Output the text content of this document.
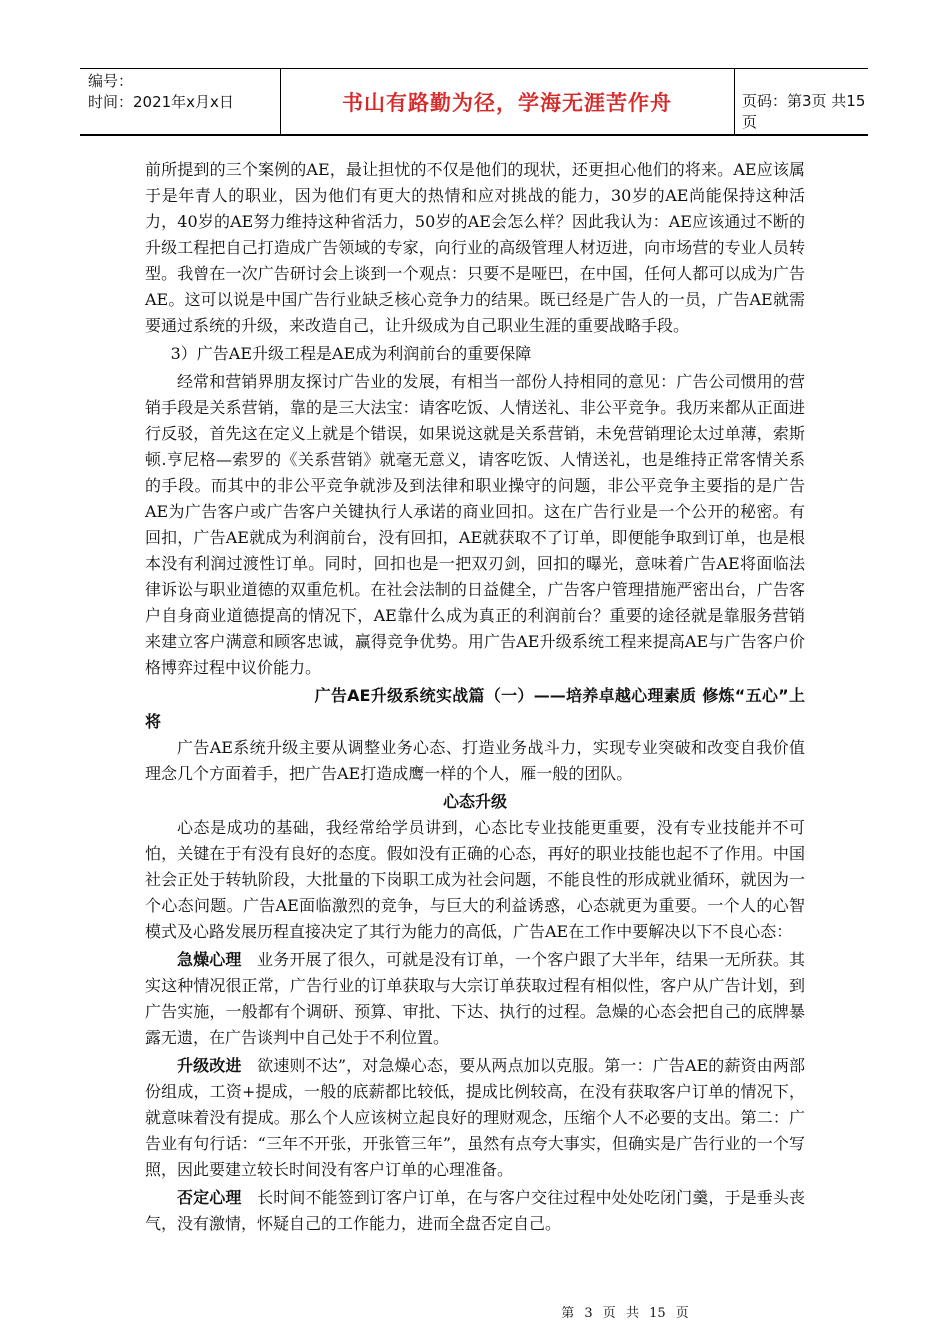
编号：
时间：2021年x月x日	书山有路勤为径，学海无涯苦作舟	页码：第3页 共15页

前所提到的三个案例的AE，最让担忧的不仅是他们的现状，还更担心他们的将来。AE应该属于是年青人的职业，因为他们有更大的热情和应对挑战的能力，30岁的AE尚能保持这种活力，40岁的AE努力维持这种省活力，50岁的AE会怎么样？因此我认为：AE应该通过不断的升级工程把自己打造成广告领域的专家，向行业的高级管理人材迈进，向市场营的专业人员转型。我曾在一次广告研讨会上谈到一个观点：只要不是哑巴，在中国，任何人都可以成为广告AE。这可以说是中国广告行业缺乏核心竞争力的结果。既已经是广告人的一员，广告AE就需要通过系统的升级，来改造自己，让升级成为自己职业生涯的重要战略手段。

3）广告AE升级工程是AE成为利润前台的重要保障

经常和营销界朋友探讨广告业的发展，有相当一部份人持相同的意见：广告公司惯用的营销手段是关系营销，靠的是三大法宝：请客吃饭、人情送礼、非公平竞争。我历来都从正面进行反驳，首先这在定义上就是个错误，如果说这就是关系营销，未免营销理论太过单薄，索斯顿.亨尼格—索罗的《关系营销》就毫无意义，请客吃饭、人情送礼，也是维持正常客情关系的手段。而其中的非公平竞争就涉及到法律和职业操守的问题，非公平竞争主要指的是广告AE为广告客户或广告客户关键执行人承诺的商业回扣。这在广告行业是一个公开的秘密。有回扣，广告AE就成为利润前台，没有回扣，AE就获取不了订单，即便能争取到订单，也是根本没有利润过渡性订单。同时，回扣也是一把双刃剑，回扣的曝光，意味着广告AE将面临法律诉讼与职业道德的双重危机。在社会法制的日益健全，广告客户管理措施严密出台，广告客户自身商业道德提高的情况下，AE靠什么成为真正的利润前台？重要的途径就是靠服务营销来建立客户满意和顾客忠诚，赢得竞争优势。用广告AE升级系统工程来提高AE与广告客户价格博弈过程中议价能力。

广告AE升级系统实战篇（一）——培养卓越心理素质 修炼“五心”上将

广告AE系统升级主要从调整业务心态、打造业务战斗力，实现专业突破和改变自我价值理念几个方面着手，把广告AE打造成鹰一样的个人，雁一般的团队。

心态升级

心态是成功的基础，我经常给学员讲到，心态比专业技能更重要，没有专业技能并不可怕，关键在于有没有良好的态度。假如没有正确的心态，再好的职业技能也起不了作用。中国社会正处于转轨阶段，大批量的下岗职工成为社会问题，不能良性的形成就业循环，就因为一个心态问题。广告AE面临激烈的竞争，与巨大的利益诱惑，心态就更为重要。一个人的心智模式及心路发展历程直接决定了其行为能力的高低，广告AE在工作中要解决以下不良心态：

急燥心理 业务开展了很久，可就是没有订单，一个客户跟了大半年，结果一无所获。其实这种情况很正常，广告行业的订单获取与大宗订单获取过程有相似性，客户从广告计划，到广告实施，一般都有个调研、预算、审批、下达、执行的过程。急燥的心态会把自己的底牌暴露无遗，在广告谈判中自己处于不利位置。

升级改进 欲速则不达”，对急燥心态，要从两点加以克服。第一：广告AE的薪资由两部份组成，工资+提成，一般的底薪都比较低，提成比例较高，在没有获取客户订单的情况下，就意味着没有提成。那么个人应该树立起良好的理财观念，压缩个人不必要的支出。第二：广告业有句行话：“三年不开张，开张管三年”，虽然有点夸大事实，但确实是广告行业的一个写照，因此要建立较长时间没有客户订单的心理准备。

否定心理 长时间不能签到订客户订单，在与客户交往过程中处处吃闭门羹，于是垂头丧气，没有激情，怀疑自己的工作能力，进而全盘否定自己。

第 3 页 共 15 页
